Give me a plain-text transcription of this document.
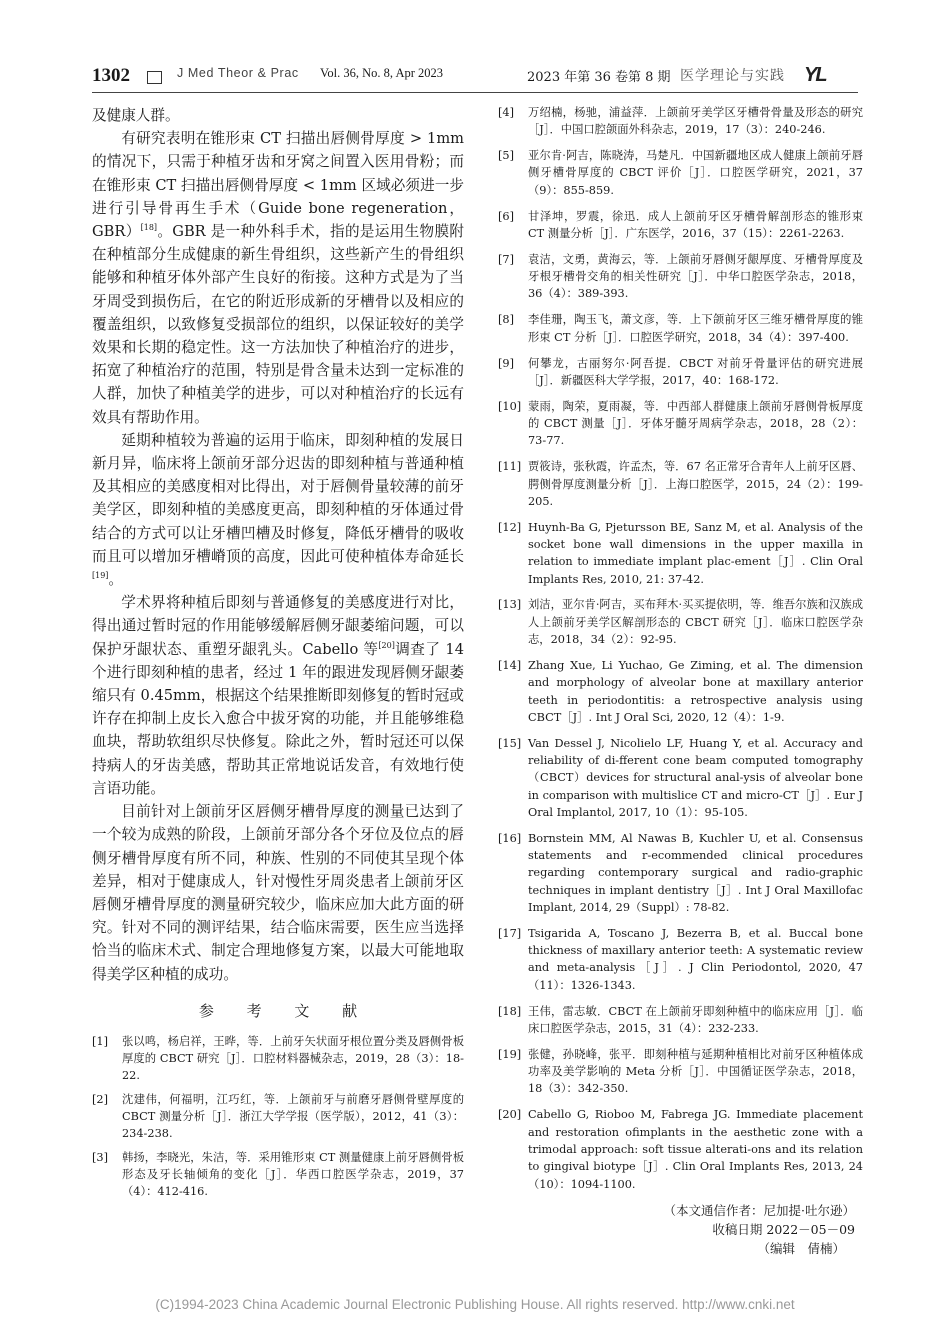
1302	J Med Theor & Prac Vol. 36, No. 8, Apr 2023	2023 年第 36 卷第 8 期 医学理论与实践 YL

及健康人群。

有研究表明在锥形束 CT 扫描出唇侧骨厚度 > 1mm 的情况下，只需于种植牙齿和牙窝之间置入医用骨粉；而在锥形束 CT 扫描出唇侧骨厚度 < 1mm 区域必须进一步进行引导骨再生手术（Guide bone regeneration，GBR）[18]。GBR 是一种外科手术，指的是运用生物膜附在种植部分生成健康的新生骨组织，这些新产生的骨组织能够和种植牙体外部产生良好的衔接。这种方式是为了当牙周受到损伤后，在它的附近形成新的牙槽骨以及相应的覆盖组织，以致修复受损部位的组织，以保证较好的美学效果和长期的稳定性。这一方法加快了种植治疗的进步，拓宽了种植治疗的范围，特别是骨含量未达到一定标准的人群，加快了种植美学的进步，可以对种植治疗的长远有效具有帮助作用。

延期种植较为普遍的运用于临床，即刻种植的发展日新月异，临床将上颌前牙部分迟齿的即刻种植与普通种植及其相应的美感度相对比得出，对于唇侧骨量较薄的前牙美学区，即刻种植的美感度更高，即刻种植的牙体通过骨结合的方式可以让牙槽凹槽及时修复，降低牙槽骨的吸收而且可以增加牙槽嵴顶的高度，因此可使种植体寿命延长[19]。

学术界将种植后即刻与普通修复的美感度进行对比，得出通过暂时冠的作用能够缓解唇侧牙龈萎缩问题，可以保护牙龈状态、重塑牙龈乳头。Cabello 等[20]调查了 14 个进行即刻种植的患者，经过 1 年的跟进发现唇侧牙龈萎缩只有 0.45mm，根据这个结果推断即刻修复的暂时冠或许存在抑制上皮长入愈合中拔牙窝的功能，并且能够维稳血块，帮助软组织尽快修复。除此之外，暂时冠还可以保持病人的牙齿美感，帮助其正常地说话发音，有效地行使言语功能。

目前针对上颌前牙区唇侧牙槽骨厚度的测量已达到了一个较为成熟的阶段，上颌前牙部分各个牙位及位点的唇侧牙槽骨厚度有所不同，种族、性别的不同使其呈现个体差异，相对于健康成人，针对慢性牙周炎患者上颌前牙区唇侧牙槽骨厚度的测量研究较少，临床应加大此方面的研究。针对不同的测评结果，结合临床需要，医生应当选择恰当的临床术式、制定合理地修复方案，以最大可能地取得美学区种植的成功。

参 考 文 献
[1]	张以鸣，杨启祥，王晔，等．上前牙矢状面牙根位置分类及唇侧骨板厚度的 CBCT 研究［J］．口腔材料器械杂志，2019，28（3）：18-22.
[2]	沈建伟，何福明，江巧红，等．上颌前牙与前磨牙唇侧骨壁厚度的 CBCT 测量分析［J］．浙江大学学报（医学版），2012，41（3）：234-238.
[3]	韩扬，李晓光，朱洁，等．采用锥形束 CT 测量健康上前牙唇侧骨板形态及牙长轴倾角的变化［J］．华西口腔医学杂志，2019，37（4）：412-416.
[4]	万绍楠，杨驰，浦益萍．上颌前牙美学区牙槽骨骨量及形态的研究［J］．中国口腔颌面外科杂志，2019，17（3）：240-246.
[5]	亚尔肯·阿吉，陈晓涛，马楚凡．中国新疆地区成人健康上颌前牙唇侧牙槽骨厚度的 CBCT 评价［J］．口腔医学研究，2021，37（9）：855-859.
[6]	甘泽坤，罗震，徐迅．成人上颌前牙区牙槽骨解剖形态的锥形束 CT 测量分析［J］．广东医学，2016，37（15）：2261-2263.
[7]	袁洁，文勇，黄海云，等．上颌前牙唇侧牙龈厚度、牙槽骨厚度及牙根牙槽骨交角的相关性研究［J］．中华口腔医学杂志，2018，36（4）：389-393.
[8]	李佳珊，陶玉飞，萧文彦，等．上下颌前牙区三维牙槽骨厚度的锥形束 CT 分析［J］．口腔医学研究，2018，34（4）：397-400.
[9]	何攀龙，古丽努尔·阿吾提．CBCT 对前牙骨量评估的研究进展［J］．新疆医科大学学报，2017，40：168-172.
[10] 蒙雨，陶荣，夏雨凝，等．中西部人群健康上颌前牙唇侧骨板厚度的 CBCT 测量［J］．牙体牙髓牙周病学杂志，2018，28（2）：73-77.
[11] 贾筱诗，张秋霞，许孟杰，等．67 名正常牙合青年人上前牙区唇、腭侧骨厚度测量分析［J］．上海口腔医学，2015，24（2）：199-205.
[12] Huynh-Ba G, Pjetursson BE, Sanz M, et al. Analysis of the socket bone wall dimensions in the upper maxilla in relation to immediate implant plac-ement［J］. Clin Oral Implants Res, 2010, 21: 37-42.
[13] 刘洁，亚尔肯·阿吉，买布拜木·买买提依明，等．维吾尔族和汉族成人上颌前牙美学区解剖形态的 CBCT 研究［J］．临床口腔医学杂志，2018，34（2）：92-95.
[14] Zhang Xue, Li Yuchao, Ge Ziming, et al. The dimension and morphology of alveolar bone at maxillary anterior teeth in periodontitis: a retrospective analysis using CBCT［J］. Int J Oral Sci, 2020, 12（4）：1-9.
[15] Van Dessel J, Nicolielo LF, Huang Y, et al. Accuracy and reliability of di-fferent cone beam computed tomography（CBCT）devices for structural anal-ysis of alveolar bone in comparison with multislice CT and micro-CT［J］. Eur J Oral Implantol, 2017, 10（1）：95-105.
[16] Bornstein MM, Al Nawas B, Kuchler U, et al. Consensus statements and r-ecommended clinical procedures regarding contemporary surgical and radio-graphic techniques in implant dentistry［J］. Int J Oral Maxillofac Implant, 2014, 29（Suppl）: 78-82.
[17] Tsigarida A, Toscano J, Bezerra B, et al. Buccal bone thickness of maxillary anterior teeth: A systematic review and meta-analysis［J］. J Clin Periodontol, 2020, 47（11）：1326-1343.
[18] 王伟，雷志敏．CBCT 在上颌前牙即刻种植中的临床应用［J］．临床口腔医学杂志，2015，31（4）：232-233.
[19] 张健，孙晓峰，张平．即刻种植与延期种植相比对前牙区种植体成功率及美学影响的 Meta 分析［J］．中国循证医学杂志，2018，18（3）：342-350.
[20] Cabello G, Rioboo M, Fabrega JG. Immediate placement and restoration ofimplants in the aesthetic zone with a trimodal approach: soft tissue alterati-ons and its relation to gingival biotype［J］. Clin Oral Implants Res, 2013, 24（10）：1094-1100.
（本文通信作者：尼加提·吐尔逊）
收稿日期 2022－05－09
（编辑　倩楠）
(C)1994-2023 China Academic Journal Electronic Publishing House. All rights reserved. http://www.cnki.net
